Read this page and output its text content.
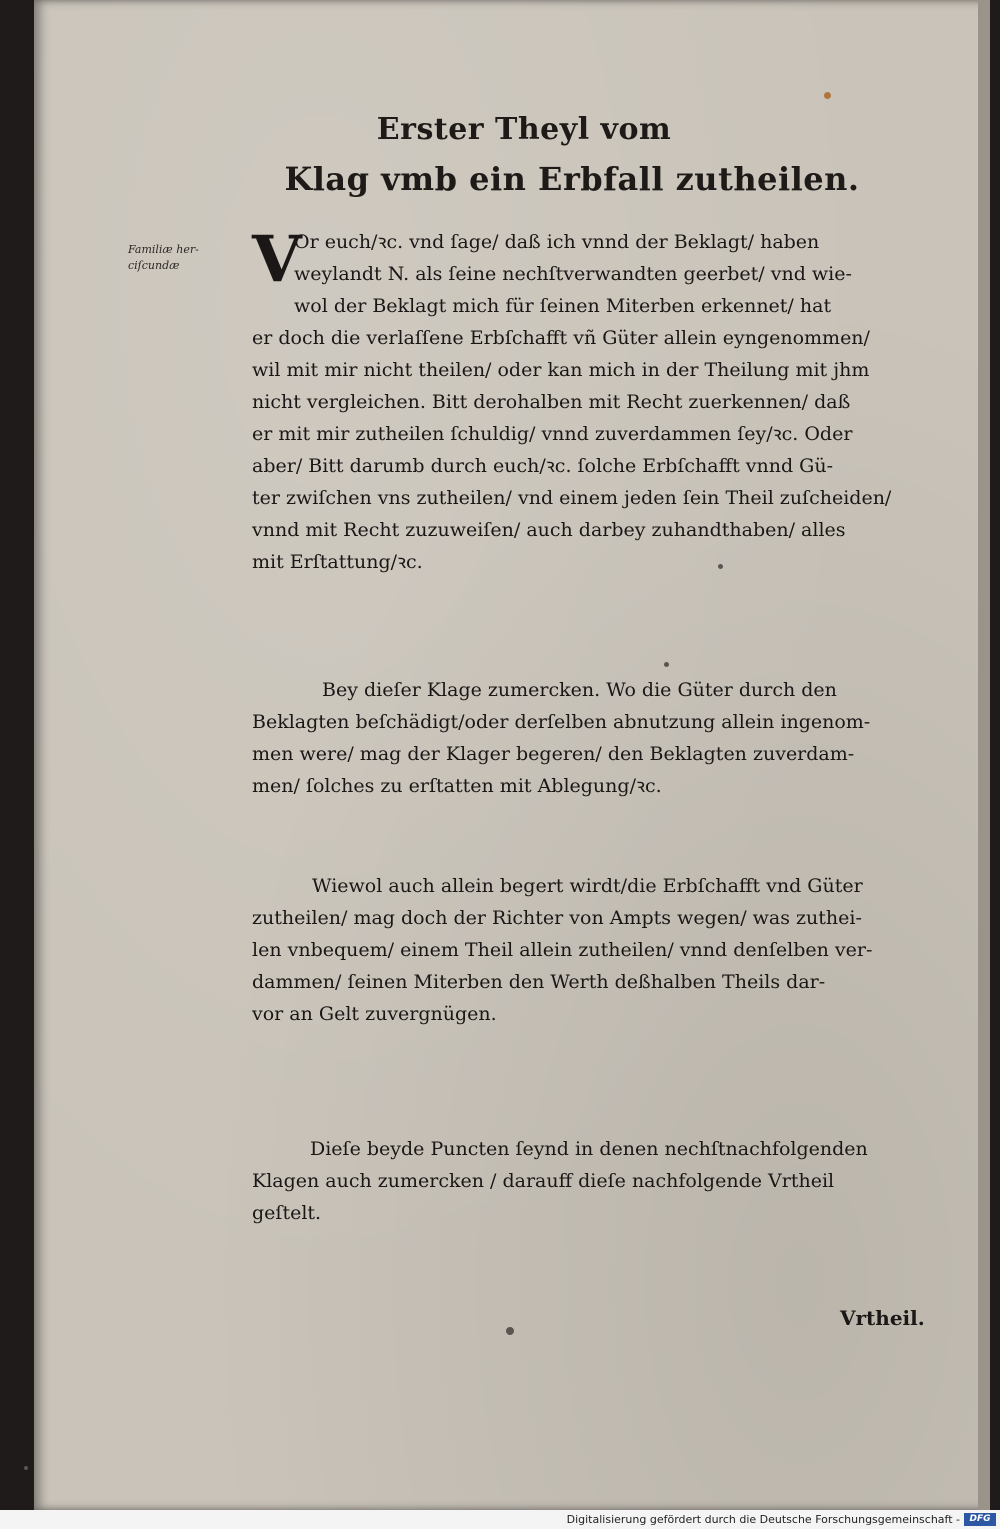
Erster Theyl vom
Klag vmb ein Erbfall zutheilen.
Familiæ her-
ciſcundæ
Or euch/ꝛc. vnd ſage/ daß ich vnnd der Beklagt/ haben
weylandt N. als ſeine nechſtverwandten geerbet/ vnd wie-
wol der Beklagt mich für ſeinen Miterben erkennet/ hat
er doch die verlaſſene Erbſchafft vñ Güter allein eyngenommen/
wil mit mir nicht theilen/ oder kan mich in der Theilung mit jhm
nicht vergleichen. Bitt derohalben mit Recht zuerkennen/ daß
er mit mir zutheilen ſchuldig/ vnnd zuverdammen ſey/ꝛc. Oder
aber/ Bitt darumb durch euch/ꝛc. ſolche Erbſchafft vnnd Gü-
ter zwiſchen vns zutheilen/ vnd einem jeden ſein Theil zuſcheiden/
vnnd mit Recht zuzuweiſen/ auch darbey zuhandthaben/ alles
mit Erſtattung/ꝛc.
V
Bey dieſer Klage zumercken. Wo die Güter durch den
Beklagten beſchädigt/oder derſelben abnutzung allein ingenom-
men were/ mag der Klager begeren/ den Beklagten zuverdam-
men/ ſolches zu erſtatten mit Ablegung/ꝛc.
Wiewol auch allein begert wirdt/die Erbſchafft vnd Güter
zutheilen/ mag doch der Richter von Ampts wegen/ was zuthei-
len vnbequem/ einem Theil allein zutheilen/ vnnd denſelben ver-
dammen/ ſeinen Miterben den Werth deßhalben Theils dar-
vor an Gelt zuvergnügen.
Dieſe beyde Puncten ſeynd in denen nechſtnachfolgenden
Klagen auch zumercken / darauff dieſe nachfolgende Vrtheil
geſtelt.
Vrtheil.
Digitalisierung gefördert durch die Deutsche Forschungsgemeinschaft -	DFG
